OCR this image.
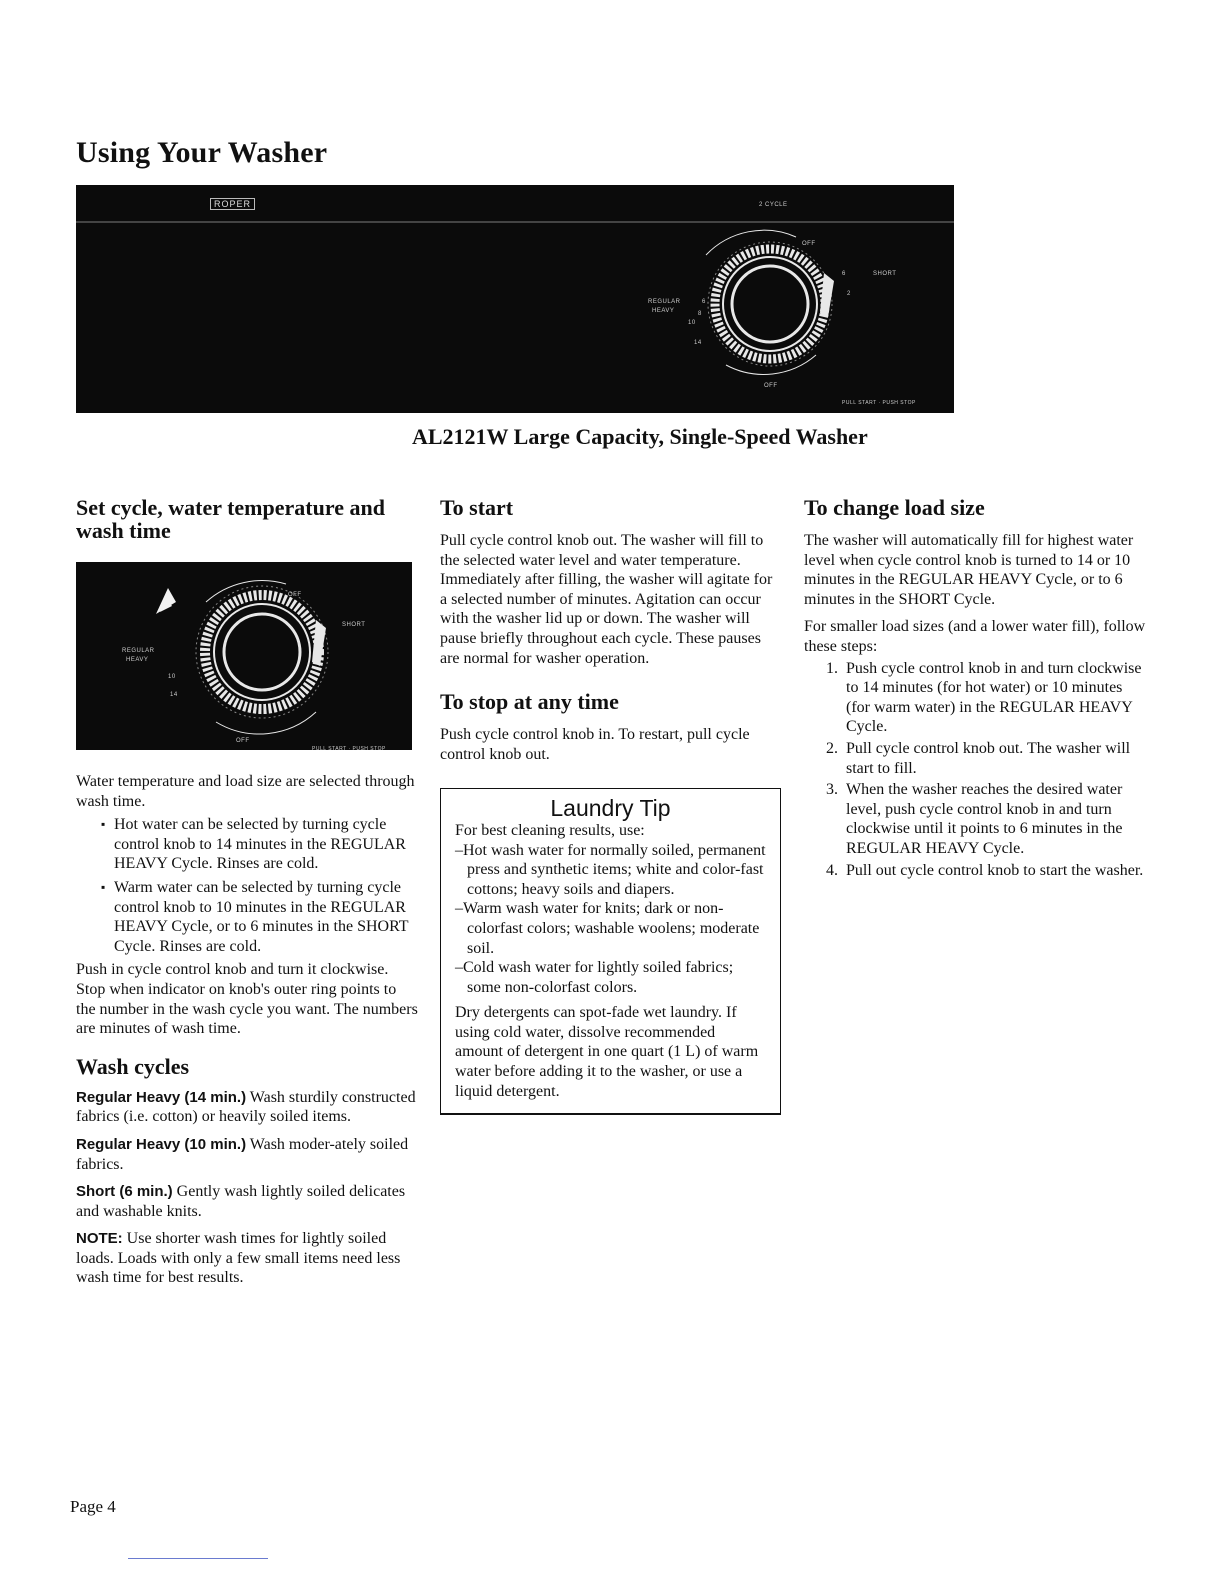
Using Your Washer
ROPER	2 CYCLE
OFF
6	SHORT
2
REGULAR
HEAVY
6
8
10
14
OFF
PULL START · PUSH STOP
AL2121W Large Capacity, Single-Speed Washer
Set cycle, water temperature and wash time
OFF
SHORT
REGULAR
HEAVY
10
14
OFF
PULL START · PUSH STOP

Water temperature and load size are selected through wash time.

▪ Hot water can be selected by turning cycle control knob to 14 minutes in the REGULAR HEAVY Cycle. Rinses are cold.
▪ Warm water can be selected by turning cycle control knob to 10 minutes in the REGULAR HEAVY Cycle, or to 6 minutes in the SHORT Cycle. Rinses are cold.

Push in cycle control knob and turn it clockwise. Stop when indicator on knob's outer ring points to the number in the wash cycle you want. The numbers are minutes of wash time.

Wash cycles

Regular Heavy (14 min.) Wash sturdily constructed fabrics (i.e. cotton) or heavily soiled items.

Regular Heavy (10 min.) Wash moder-ately soiled fabrics.

Short (6 min.) Gently wash lightly soiled delicates and washable knits.

NOTE: Use shorter wash times for lightly soiled loads. Loads with only a few small items need less wash time for best results.

To start

Pull cycle control knob out. The washer will fill to the selected water level and water temperature. Immediately after filling, the washer will agitate for a selected number of minutes. Agitation can occur with the washer lid up or down. The washer will pause briefly throughout each cycle. These pauses are normal for washer operation.

To stop at any time

Push cycle control knob in. To restart, pull cycle control knob out.

Laundry Tip
For best cleaning results, use:
–Hot wash water for normally soiled, permanent press and synthetic items; white and color-fast cottons; heavy soils and diapers.
–Warm wash water for knits; dark or non-colorfast colors; washable woolens; moderate soil.
–Cold wash water for lightly soiled fabrics; some non-colorfast colors.
Dry detergents can spot-fade wet laundry. If using cold water, dissolve recommended amount of detergent in one quart (1 L) of warm water before adding it to the washer, or use a liquid detergent.
To change load size

The washer will automatically fill for highest water level when cycle control knob is turned to 14 or 10 minutes in the REGULAR HEAVY Cycle, or to 6 minutes in the SHORT Cycle.

For smaller load sizes (and a lower water fill), follow these steps:

1. Push cycle control knob in and turn clockwise to 14 minutes (for hot water) or 10 minutes (for warm water) in the REGULAR HEAVY Cycle.
2. Pull cycle control knob out. The washer will start to fill.
3. When the washer reaches the desired water level, push cycle control knob in and turn clockwise until it points to 6 minutes in the REGULAR HEAVY Cycle.
4. Pull out cycle control knob to start the washer.
Page 4
